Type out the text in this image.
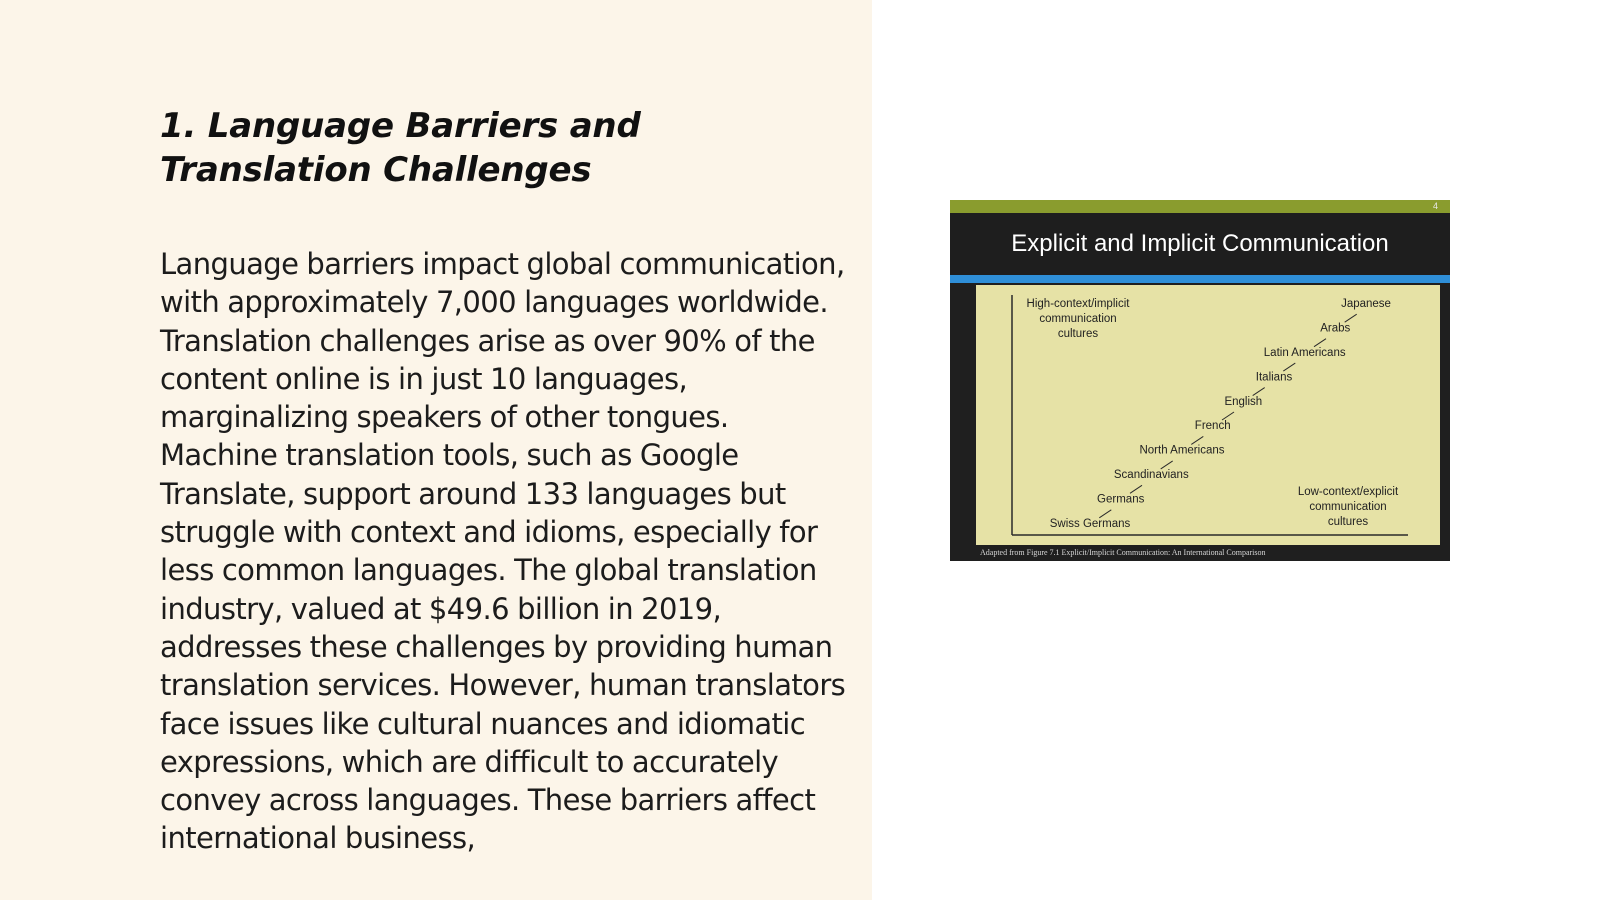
1. Language Barriers and Translation Challenges

Language barriers impact global communication, with approximately 7,000 languages worldwide. Translation challenges arise as over 90% of the content online is in just 10 languages, marginalizing speakers of other tongues. Machine translation tools, such as Google Translate, support around 133 languages but struggle with context and idioms, especially for less common languages. The global translation industry, valued at $49.6 billion in 2019, addresses these challenges by providing human translation services. However, human translators face issues like cultural nuances and idiomatic expressions, which are difficult to accurately convey across languages. These barriers affect international business,

4
Explicit and Implicit Communication
High-context/implicit
communication
cultures
Low-context/explicit
communication
cultures
Japanese
Arabs
Latin Americans
Italians
English
French
North Americans
Scandinavians
Germans
Swiss Germans
Adapted from Figure 7.1 Explicit/Implicit Communication: An International Comparison
